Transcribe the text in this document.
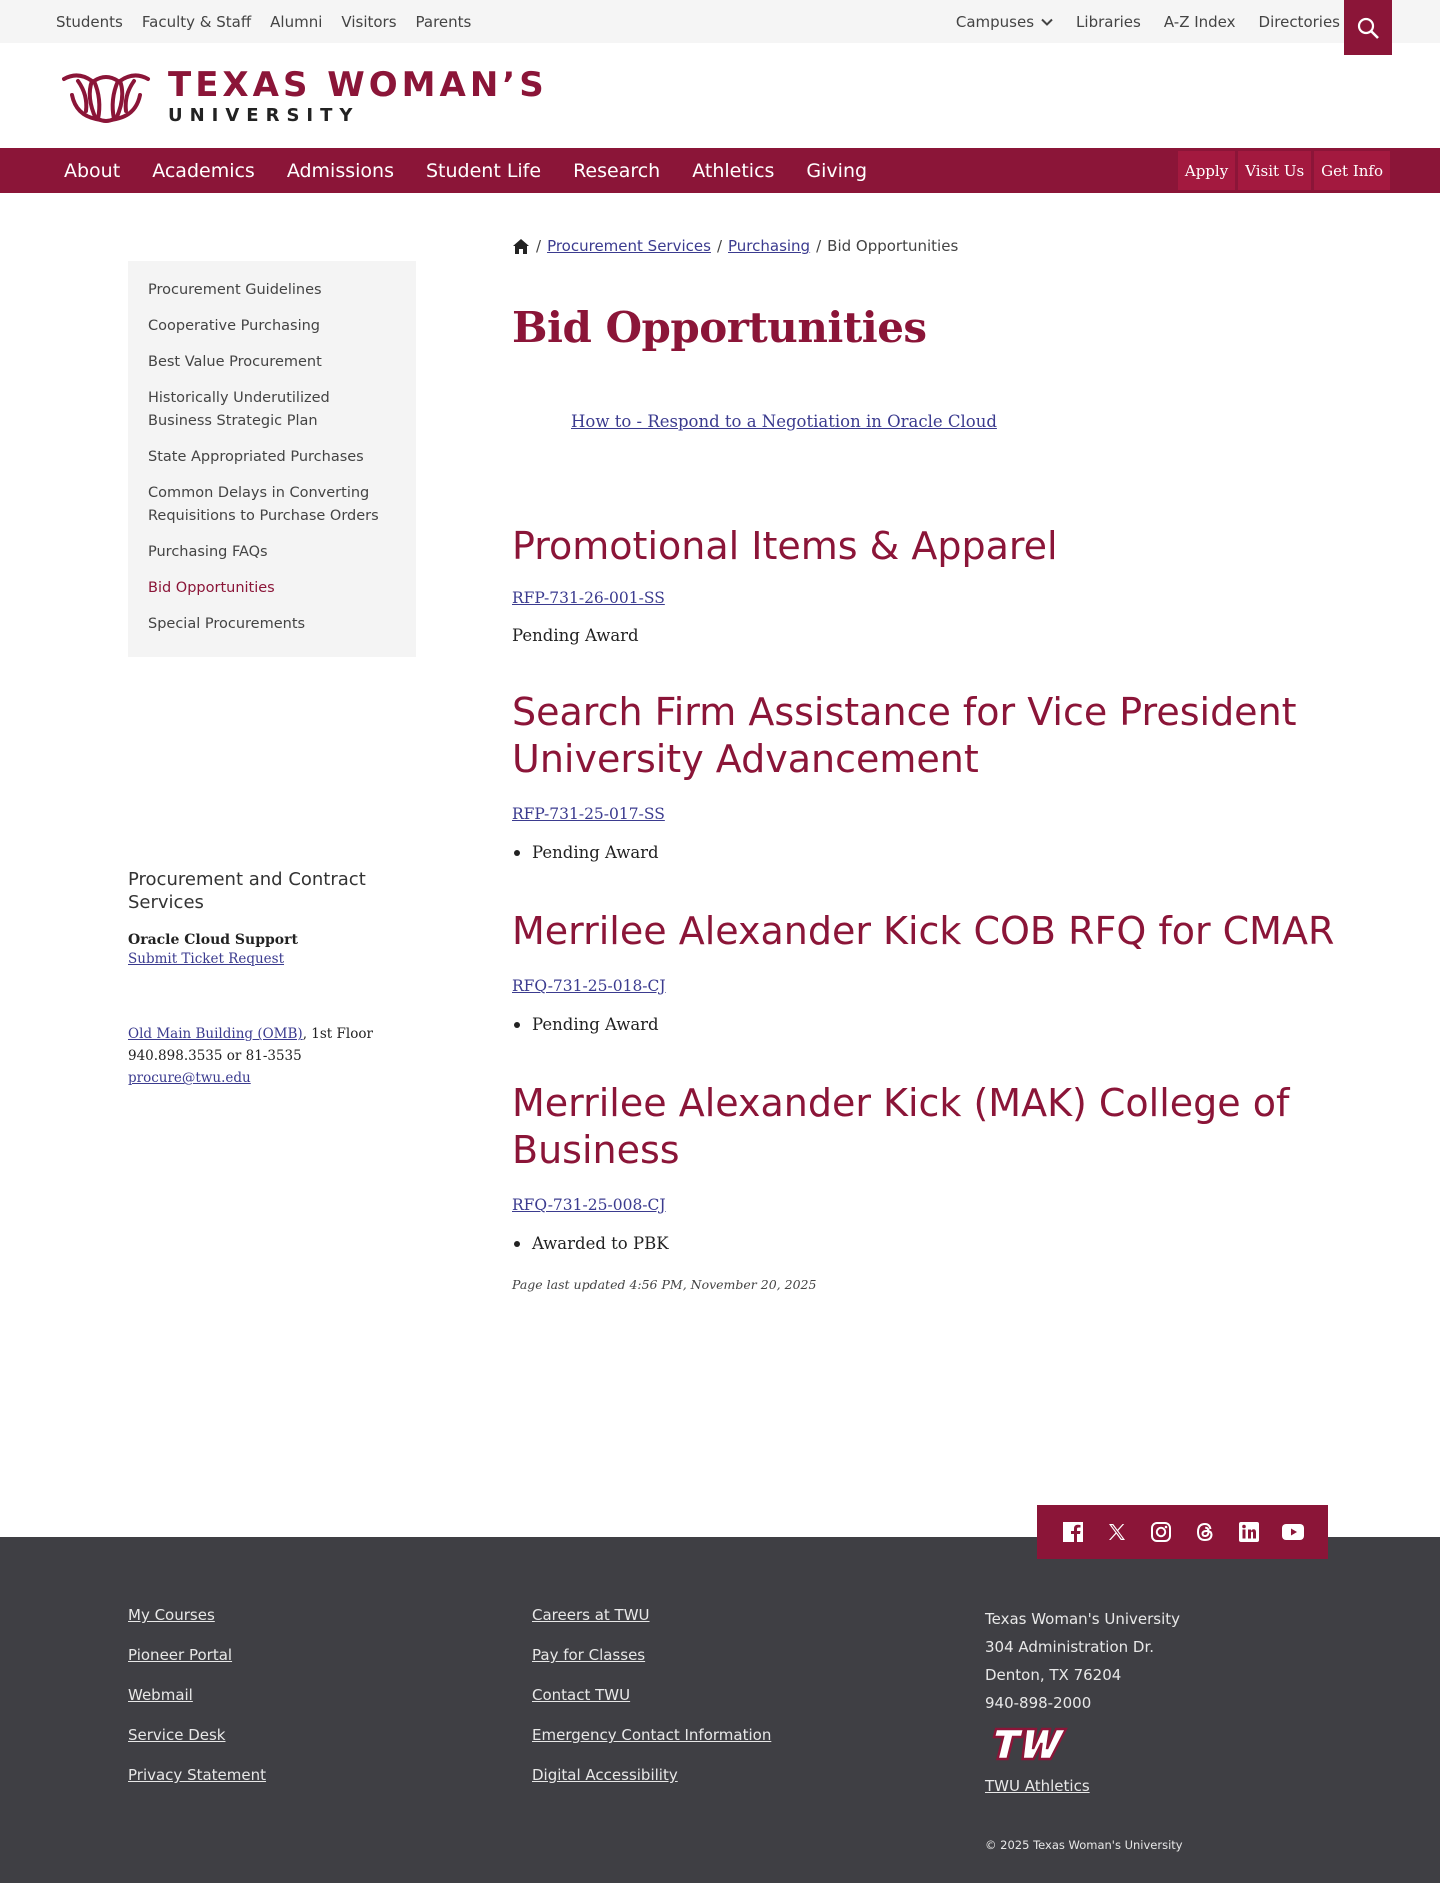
Students Faculty & Staff Alumni Visitors Parents	Campuses	Libraries A-Z Index Directories
TEXAS WOMAN’S
UNIVERSITY
About Academics Admissions Student Life Research Athletics Giving	Apply	Visit Us	Get Info
Procurement Guidelines
Cooperative Purchasing
Best Value Procurement
Historically Underutilized Business Strategic Plan
State Appropriated Purchases
Common Delays in Converting Requisitions to Purchase Orders
Purchasing FAQs
Bid Opportunities
Special Procurements
Procurement and Contract Services
Oracle Cloud Support
Submit Ticket Request
Old Main Building (OMB), 1st Floor
940.898.3535 or 81-3535
procure@twu.edu
/ Procurement Services / Purchasing / Bid Opportunities
Bid Opportunities
How to - Respond to a Negotiation in Oracle Cloud
Promotional Items & Apparel
RFP-731-26-001-SS
Pending Award
Search Firm Assistance for Vice President University Advancement
RFP-731-25-017-SS
Pending Award
Merrilee Alexander Kick COB RFQ for CMAR
RFQ-731-25-018-CJ
Pending Award
Merrilee Alexander Kick (MAK) College of Business
RFQ-731-25-008-CJ
Awarded to PBK
Page last updated 4:56 PM, November 20, 2025
My Courses
Pioneer Portal
Webmail
Service Desk
Privacy Statement
Careers at TWU
Pay for Classes
Contact TWU
Emergency Contact Information
Digital Accessibility
Texas Woman's University
304 Administration Dr.
Denton, TX 76204
940-898-2000
TWU Athletics
© 2025 Texas Woman's University
